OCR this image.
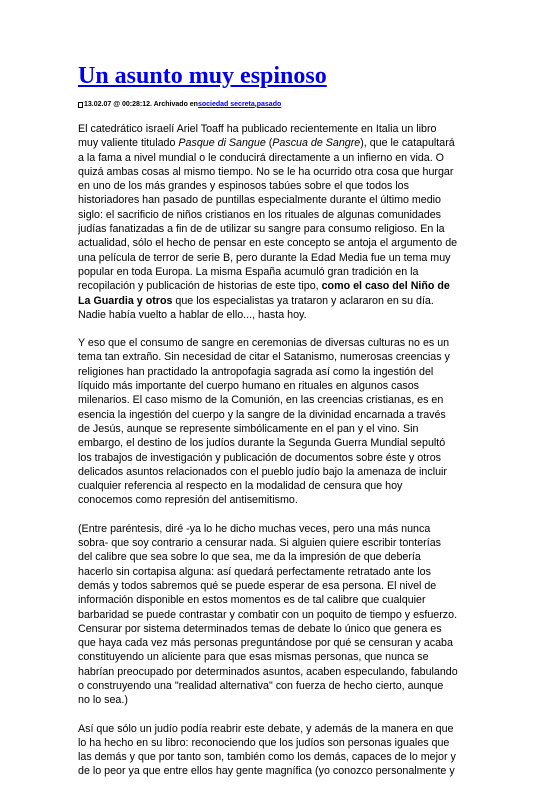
Un asunto muy espinoso
13.02.07 @ 00:28:12. Archivado en sociedad secreta , pasado

El catedrático israelí Ariel Toaff ha publicado recientemente en Italia un libro muy valiente titulado Pasque di Sangue (Pascua de Sangre), que le catapultará a la fama a nivel mundial o le conducirá directamente a un infierno en vida. O quizá ambas cosas al mismo tiempo. No se le ha ocurrido otra cosa que hurgar en uno de los más grandes y espinosos tabúes sobre el que todos los historiadores han pasado de puntillas especialmente durante el último medio siglo: el sacrificio de niños cristianos en los rituales de algunas comunidades judías fanatizadas a fin de de utilizar su sangre para consumo religioso. En la actualidad, sólo el hecho de pensar en este concepto se antoja el argumento de una película de terror de serie B, pero durante la Edad Media fue un tema muy popular en toda Europa. La misma España acumuló gran tradición en la recopilación y publicación de historias de este tipo, como el caso del Niño de La Guardia y otros que los especialistas ya trataron y aclararon en su día. Nadie había vuelto a hablar de ello..., hasta hoy.

Y eso que el consumo de sangre en ceremonias de diversas culturas no es un tema tan extraño. Sin necesidad de citar el Satanismo, numerosas creencias y religiones han practidado la antropofagia sagrada así como la ingestión del líquido más importante del cuerpo humano en rituales en algunos casos milenarios. El caso mismo de la Comunión, en las creencias cristianas, es en esencia la ingestión del cuerpo y la sangre de la divinidad encarnada a través de Jesús, aunque se represente simbólicamente en el pan y el vino. Sin embargo, el destino de los judíos durante la Segunda Guerra Mundial sepultó los trabajos de investigación y publicación de documentos sobre éste y otros delicados asuntos relacionados con el pueblo judío bajo la amenaza de incluir cualquier referencia al respecto en la modalidad de censura que hoy conocemos como represión del antisemitismo.

(Entre paréntesis, diré -ya lo he dicho muchas veces, pero una más nunca sobra- que soy contrario a censurar nada. Si alguien quiere escribir tonterías del calibre que sea sobre lo que sea, me da la impresión de que debería hacerlo sin cortapisa alguna: así quedará perfectamente retratado ante los demás y todos sabremos qué se puede esperar de esa persona. El nivel de información disponible en estos momentos es de tal calibre que cualquier barbaridad se puede contrastar y combatir con un poquito de tiempo y esfuerzo. Censurar por sistema determinados temas de debate lo único que genera es que haya cada vez más personas preguntándose por qué se censuran y acaba constituyendo un aliciente para que esas mismas personas, que nunca se habrían preocupado por determinados asuntos, acaben especulando, fabulando o construyendo una "realidad alternativa" con fuerza de hecho cierto, aunque no lo sea.)

Así que sólo un judío podía reabrir este debate, y además de la manera en que lo ha hecho en su libro: reconociendo que los judíos son personas iguales que las demás y que por tanto son, también como los demás, capaces de lo mejor y de lo peor ya que entre ellos hay gente magnífica (yo conozco personalmente y
